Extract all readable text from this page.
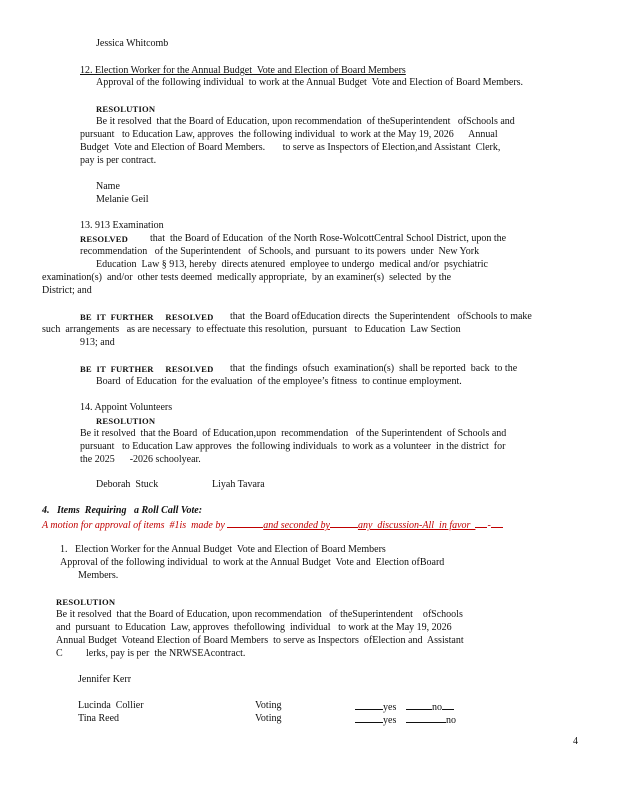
Jessica Whitcomb
12. Election Worker for the Annual Budget  Vote and Election of Board Members
Approval of the following individual  to work at the Annual Budget  Vote and Election of Board Members.
RESOLUTION
Be it resolved  that the Board of Education, upon recommendation  of theSuperintendent   ofSchools and
pursuant   to Education Law, approves  the following individual  to work at the May 19, 2026      Annual
Budget  Vote and Election of Board Members.       to serve as Inspectors of Election,and Assistant  Clerk,
pay is per contract.
Name
Melanie Geil
13. 913 Examination
RESOLVED that  the Board of Education  of the North Rose-WolcottCentral School District, upon the
recommendation   of the Superintendent   of Schools, and  pursuant  to its powers  under  New York
Education  Law § 913, hereby  directs atenured  employee to undergo  medical and/or  psychiatric
examination(s)  and/or  other tests deemed  medically appropriate,  by an examiner(s)  selected  by the
District; and
BE  IT  FURTHER     RESOLVED that  the Board ofEducation directs  the Superintendent   ofSchools to make
such  arrangements   as are necessary  to effectuate this resolution,  pursuant   to Education  Law Section
913; and
BE  IT  FURTHER     RESOLVED that  the findings  ofsuch  examination(s)  shall be reported  back  to the
Board  of Education  for the evaluation  of the employee’s fitness  to continue employment.
14. Appoint Volunteers
RESOLUTION
Be it resolved  that the Board  of Education,upon  recommendation   of the Superintendent  of Schools and
pursuant   to Education Law approves  the following individuals  to work as a volunteer  in the district  for
the 2025      -2026 schoolyear.
Deborah  Stuck	Liyah Tavara
4.   Items  Requiring   a Roll Call Vote:
A motion for approval of items  #1is  made by	and seconded by	any  discussion-All  in favor  -
1.   Election Worker for the Annual Budget  Vote and Election of Board Members
Approval of the following individual  to work at the Annual Budget  Vote and  Election ofBoard
Members.
RESOLUTION
Be it resolved  that the Board of Education, upon recommendation   of theSuperintendent    ofSchools
and  pursuant  to Education  Law, approves  thefollowing  individual   to work at the May 19, 2026
Annual Budget  Voteand Election of Board Members  to serve as Inspectors  ofElection and  Assistant
C lerks, pay is per  the NRWSEAcontract.
Jennifer Kerr
Lucinda  Collier	Voting	yes	no
Tina Reed	Voting	yes	no
4
